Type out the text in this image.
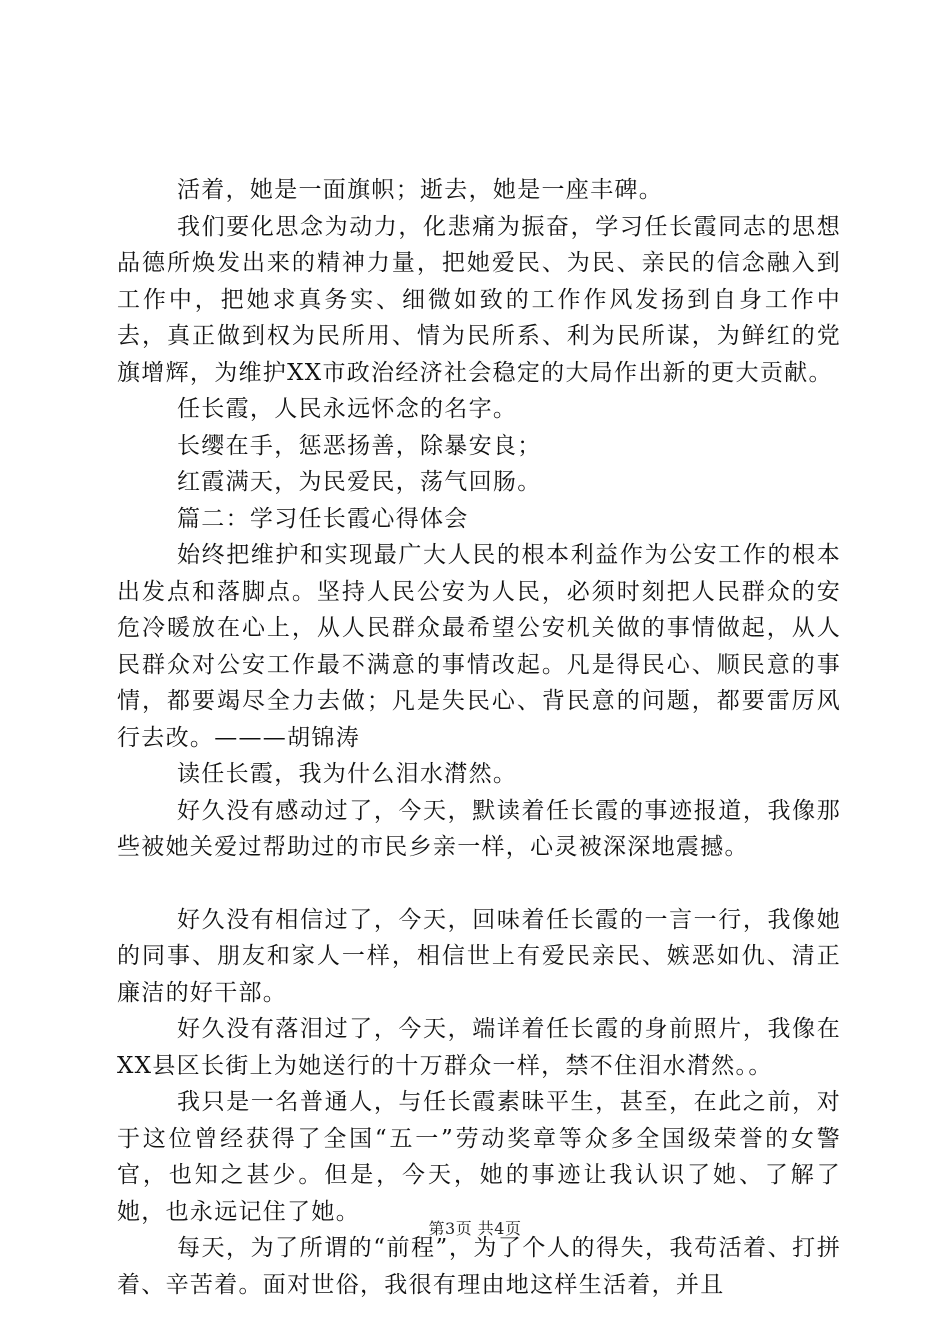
活着，她是一面旗帜；逝去，她是一座丰碑。

我们要化思念为动力，化悲痛为振奋，学习任长霞同志的思想品德所焕发出来的精神力量，把她爱民、为民、亲民的信念融入到工作中，把她求真务实、细微如致的工作作风发扬到自身工作中去，真正做到权为民所用、情为民所系、利为民所谋，为鲜红的党旗增辉，为维护XX市政治经济社会稳定的大局作出新的更大贡献。

任长霞，人民永远怀念的名字。

长缨在手，惩恶扬善，除暴安良；

红霞满天，为民爱民，荡气回肠。

篇二：学习任长霞心得体会

始终把维护和实现最广大人民的根本利益作为公安工作的根本出发点和落脚点。坚持人民公安为人民，必须时刻把人民群众的安危冷暖放在心上，从人民群众最希望公安机关做的事情做起，从人民群众对公安工作最不满意的事情改起。凡是得民心、顺民意的事情，都要竭尽全力去做；凡是失民心、背民意的问题，都要雷厉风行去改。———胡锦涛

读任长霞，我为什么泪水潸然。

好久没有感动过了，今天，默读着任长霞的事迹报道，我像那些被她关爱过帮助过的市民乡亲一样，心灵被深深地震撼。

好久没有相信过了，今天，回味着任长霞的一言一行，我像她的同事、朋友和家人一样，相信世上有爱民亲民、嫉恶如仇、清正廉洁的好干部。

好久没有落泪过了，今天，端详着任长霞的身前照片，我像在XX县区长街上为她送行的十万群众一样，禁不住泪水潸然。。

我只是一名普通人，与任长霞素昧平生，甚至，在此之前，对于这位曾经获得了全国“五一”劳动奖章等众多全国级荣誉的女警官，也知之甚少。但是，今天，她的事迹让我认识了她、了解了她，也永远记住了她。

每天，为了所谓的“前程”，为了个人的得失，我苟活着、打拼着、辛苦着。面对世俗，我很有理由地这样生活着，并且

第3页 共4页
